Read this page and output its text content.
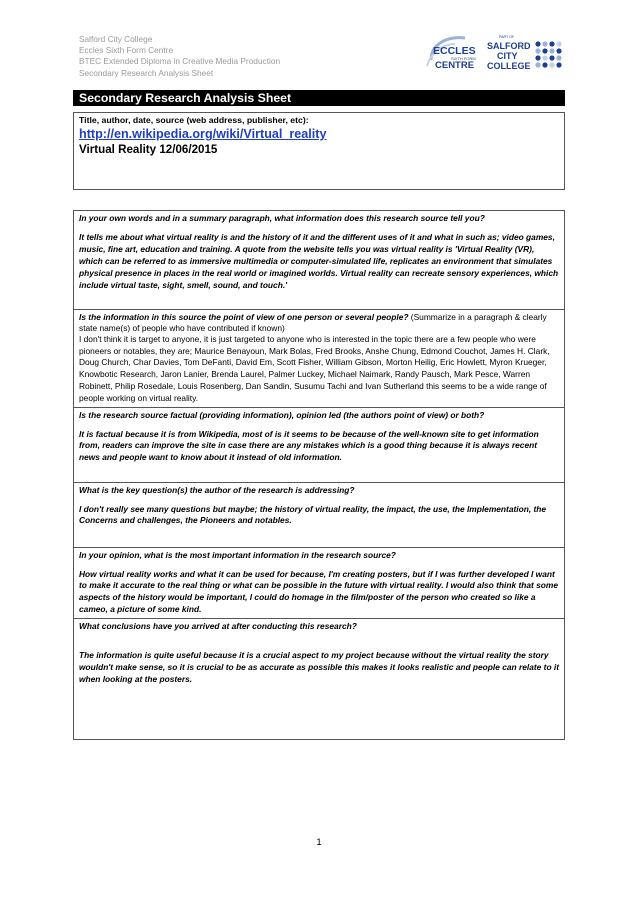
Salford City College
Eccles Sixth Form Centre
BTEC Extended Diploma in Creative Media Production
Secondary Research Analysis Sheet
ECCLES
SIXTH FORM
CENTRE
PART OF
SALFORD
CITY
COLLEGE
Secondary Research Analysis Sheet
Title, author, date, source (web address, publisher, etc):
http://en.wikipedia.org/wiki/Virtual_reality
Virtual Reality 12/06/2015
In your own words and in a summary paragraph, what information does this research source tell you?
It tells me about what virtual reality is and the history of it and the different uses of it and what in such as; video games, music, fine art, education and training. A quote from the website tells you was virtual reality is 'Virtual Reality (VR), which can be referred to as immersive multimedia or computer-simulated life, replicates an environment that simulates physical presence in places in the real world or imagined worlds. Virtual reality can recreate sensory experiences, which include virtual taste, sight, smell, sound, and touch.'

Is the information in this source the point of view of one person or several people? (Summarize in a paragraph & clearly state name(s) of people who have contributed if known)
I don't think it is target to anyone, it is just targeted to anyone who is interested in the topic there are a few people who were pioneers or notables, they are; Maurice Benayoun, Mark Bolas, Fred Brooks, Anshe Chung, Edmond Couchot, James H. Clark, Doug Church, Char Davies, Tom DeFanti, David Em, Scott Fisher, William Gibson, Morton Heilig, Eric Howlett, Myron Krueger, Knowbotic Research, Jaron Lanier, Brenda Laurel, Palmer Luckey, Michael Naimark, Randy Pausch, Mark Pesce, Warren Robinett, Philip Rosedale, Louis Rosenberg, Dan Sandin, Susumu Tachi and Ivan Sutherland this seems to be a wide range of people working on virtual reality.

Is the research source factual (providing information), opinion led (the authors point of view) or both?
It is factual because it is from Wikipedia, most of is it seems to be because of the well-known site to get information from, readers can improve the site in case there are any mistakes which is a good thing because it is always recent news and people want to know about it instead of old information.

What is the key question(s) the author of the research is addressing?
I don't really see many questions but maybe; the history of virtual reality, the impact, the use, the Implementation, the Concerns and challenges, the Pioneers and notables.

In your opinion, what is the most important information in the research source?
How virtual reality works and what it can be used for because, I'm creating posters, but if I was further developed I want to make it accurate to the real thing or what can be possible in the future with virtual reality. I would also think that some aspects of the history would be important, I could do homage in the film/poster of the person who created so like a cameo, a picture of some kind.

What conclusions have you arrived at after conducting this research?
The information is quite useful because it is a crucial aspect to my project because without the virtual reality the story wouldn't make sense, so it is crucial to be as accurate as possible this makes it looks realistic and people can relate to it when looking at the posters.
1
